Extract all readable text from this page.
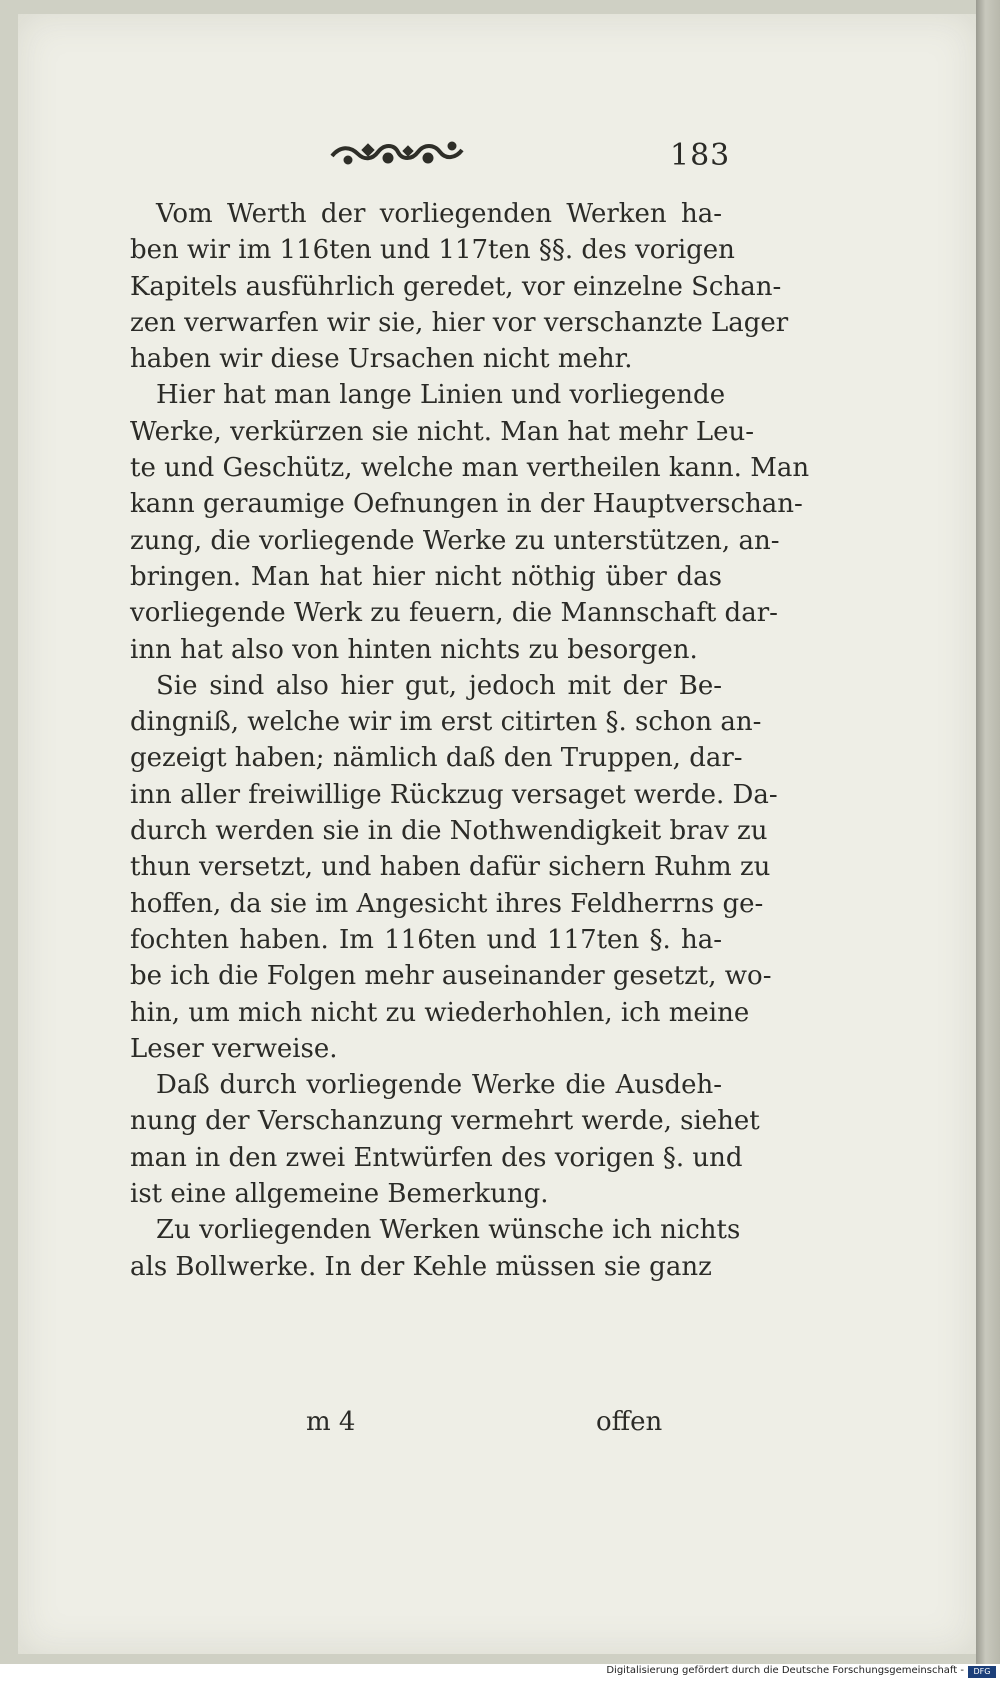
183
Vom Werth der vorliegenden Werken ha-
ben wir im 116ten und 117ten §§. des vorigen
Kapitels ausführlich geredet, vor einzelne Schan-
zen verwarfen wir sie, hier vor verschanzte Lager
haben wir diese Ursachen nicht mehr.
Hier hat man lange Linien und vorliegende
Werke, verkürzen sie nicht. Man hat mehr Leu-
te und Geschütz, welche man vertheilen kann. Man
kann geraumige Oefnungen in der Hauptverschan-
zung, die vorliegende Werke zu unterstützen, an-
bringen. Man hat hier nicht nöthig über das
vorliegende Werk zu feuern, die Mannschaft dar-
inn hat also von hinten nichts zu besorgen.
Sie sind also hier gut, jedoch mit der Be-
dingniß, welche wir im erst citirten §. schon an-
gezeigt haben; nämlich daß den Truppen, dar-
inn aller freiwillige Rückzug versaget werde. Da-
durch werden sie in die Nothwendigkeit brav zu
thun versetzt, und haben dafür sichern Ruhm zu
hoffen, da sie im Angesicht ihres Feldherrns ge-
fochten haben. Im 116ten und 117ten §. ha-
be ich die Folgen mehr auseinander gesetzt, wo-
hin, um mich nicht zu wiederhohlen, ich meine
Leser verweise.
Daß durch vorliegende Werke die Ausdeh-
nung der Verschanzung vermehrt werde, siehet
man in den zwei Entwürfen des vorigen §. und
ist eine allgemeine Bemerkung.
Zu vorliegenden Werken wünsche ich nichts
als Bollwerke. In der Kehle müssen sie ganz
m 4	offen
Digitalisierung gefördert durch die Deutsche Forschungsgemeinschaft -	DFG
